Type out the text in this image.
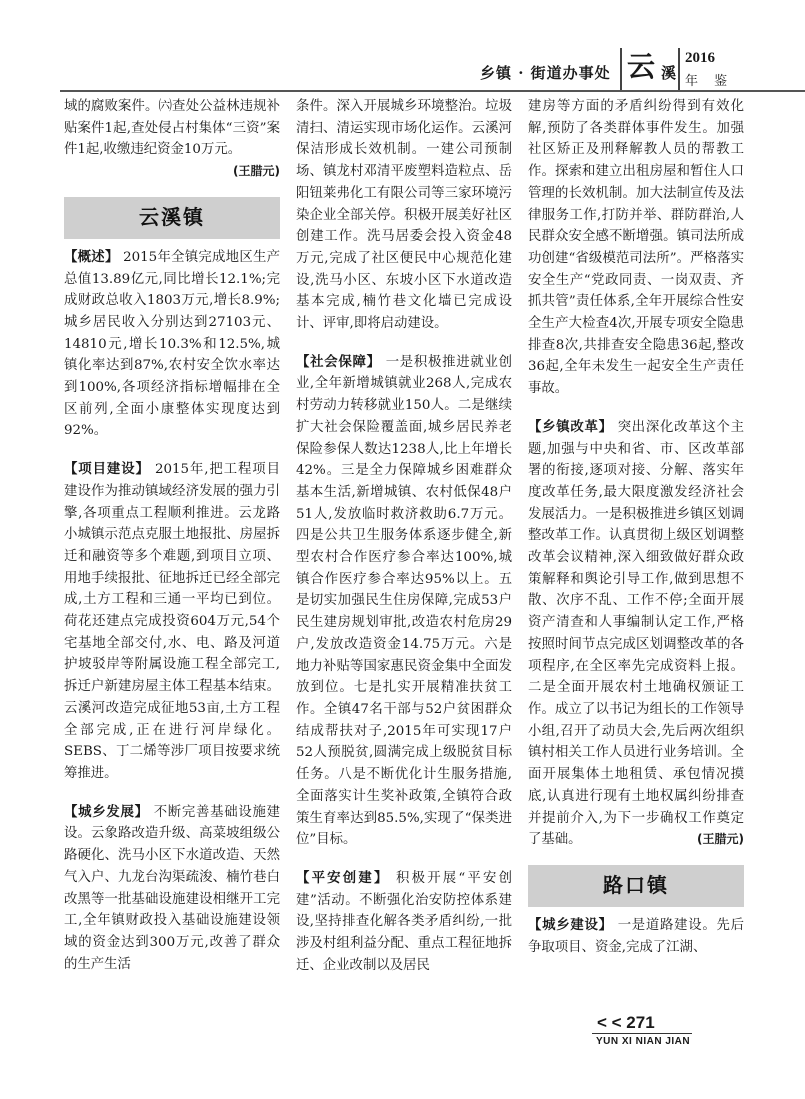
乡镇 · 街道办事处 云 溪
2016
年 鉴

域的腐败案件。㈥查处公益林违规补贴案件1起,查处侵占村集体“三资”案件1起,收缴违纪资金10万元。
(王腊元)

云溪镇

【概述】 2015年全镇完成地区生产总值13.89亿元,同比增长12.1%;完成财政总收入1803万元,增长8.9%;城乡居民收入分别达到27103元、14810元,增长10.3%和12.5%,城镇化率达到87%,农村安全饮水率达到100%,各项经济指标增幅排在全区前列,全面小康整体实现度达到92%。

【项目建设】 2015年,把工程项目建设作为推动镇域经济发展的强力引擎,各项重点工程顺利推进。云龙路小城镇示范点克服土地报批、房屋拆迁和融资等多个难题,到项目立项、用地手续报批、征地拆迁已经全部完成,土方工程和三通一平均已到位。荷花还建点完成投资604万元,54个宅基地全部交付,水、电、路及河道护坡驳岸等附属设施工程全部完工,拆迁户新建房屋主体工程基本结束。云溪河改造完成征地53亩,土方工程全部完成,正在进行河岸绿化。SEBS、丁二烯等涉厂项目按要求统筹推进。

【城乡发展】 不断完善基础设施建设。云象路改造升级、高菜坡组级公路硬化、洗马小区下水道改造、天然气入户、九龙台沟渠疏浚、楠竹巷白改黑等一批基础设施建设相继开工完工,全年镇财政投入基础设施建设领域的资金达到300万元,改善了群众的生产生活

条件。深入开展城乡环境整治。垃圾清扫、清运实现市场化运作。云溪河保洁形成长效机制。一建公司预制场、镇龙村邓清平废塑料造粒点、岳阳钮莱弗化工有限公司等三家环境污染企业全部关停。积极开展美好社区创建工作。洗马居委会投入资金48万元,完成了社区便民中心规范化建设,洗马小区、东坡小区下水道改造基本完成,楠竹巷文化墙已完成设计、评审,即将启动建设。

【社会保障】 一是积极推进就业创业,全年新增城镇就业268人,完成农村劳动力转移就业150人。二是继续扩大社会保险覆盖面,城乡居民养老保险参保人数达1238人,比上年增长42%。三是全力保障城乡困难群众基本生活,新增城镇、农村低保48户51人,发放临时救济救助6.7万元。四是公共卫生服务体系逐步健全,新型农村合作医疗参合率达100%,城镇合作医疗参合率达95%以上。五是切实加强民生住房保障,完成53户民生建房规划审批,改造农村危房29户,发放改造资金14.75万元。六是地力补贴等国家惠民资金集中全面发放到位。七是扎实开展精准扶贫工作。全镇47名干部与52户贫困群众结成帮扶对子,2015年可实现17户52人预脱贫,圆满完成上级脱贫目标任务。八是不断优化计生服务措施,全面落实计生奖补政策,全镇符合政策生育率达到85.5%,实现了“保类进位”目标。

【平安创建】 积极开展“平安创建”活动。不断强化治安防控体系建设,坚持排查化解各类矛盾纠纷,一批涉及村组利益分配、重点工程征地拆迁、企业改制以及居民

建房等方面的矛盾纠纷得到有效化解,预防了各类群体事件发生。加强社区矫正及刑释解教人员的帮教工作。探索和建立出租房屋和暂住人口管理的长效机制。加大法制宣传及法律服务工作,打防并举、群防群治,人民群众安全感不断增强。镇司法所成功创建“省级模范司法所”。严格落实安全生产“党政同责、一岗双责、齐抓共管”责任体系,全年开展综合性安全生产大检查4次,开展专项安全隐患排查8次,共排查安全隐患36起,整改36起,全年未发生一起安全生产责任事故。

【乡镇改革】 突出深化改革这个主题,加强与中央和省、市、区改革部署的衔接,逐项对接、分解、落实年度改革任务,最大限度激发经济社会发展活力。一是积极推进乡镇区划调整改革工作。认真贯彻上级区划调整改革会议精神,深入细致做好群众政策解释和舆论引导工作,做到思想不散、次序不乱、工作不停;全面开展资产清查和人事编制认定工作,严格按照时间节点完成区划调整改革的各项程序,在全区率先完成资料上报。二是全面开展农村土地确权颁证工作。成立了以书记为组长的工作领导小组,召开了动员大会,先后两次组织镇村相关工作人员进行业务培训。全面开展集体土地租赁、承包情况摸底,认真进行现有土地权属纠纷排查并提前介入,为下一步确权工作奠定了基础。	(王腊元)

路口镇

【城乡建设】 一是道路建设。先后争取项目、资金,完成了江湖、

< < 271
YUN XI NIAN JIAN
